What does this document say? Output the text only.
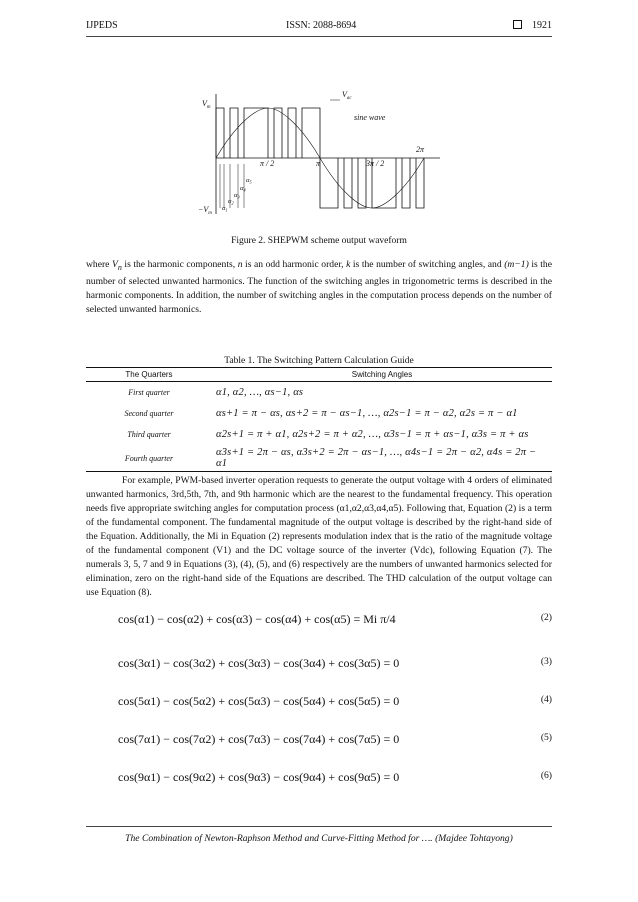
IJPEDS	ISSN: 2088-8694	1921
$V_m$
$-V_m$
$V_{ac}$
sine wave
2π
π / 2	π	3π / 2
$\alpha_5$
$\alpha_4$
$\alpha_3$
$\alpha_2$
$\alpha_1$
Figure 2. SHEPWM scheme output waveform

where $V_n$ is the harmonic components, n is an odd harmonic order, k is the number of switching angles, and (m−1) is the number of selected unwanted harmonics. The function of the switching angles in trigonometric terms is described in the harmonic components. In addition, the number of switching angles in the computation process depends on the number of selected unwanted harmonics.

Table 1. The Switching Pattern Calculation Guide
The Quarters	Switching Angles
First quarter	α1, α2, …, αs−1, αs
Second quarter	αs+1 = π − αs, αs+2 = π − αs−1, …, α2s−1 = π − α2, α2s = π − α1
Third quarter	α2s+1 = π + α1, α2s+2 = π + α2, …, α3s−1 = π + αs−1, α3s = π + αs
Fourth quarter	α3s+1 = 2π − αs, α3s+2 = 2π − αs−1, …, α4s−1 = 2π − α2, α4s = 2π − α1

For example, PWM-based inverter operation requests to generate the output voltage with 4 orders of eliminated unwanted harmonics, 3rd,5th, 7th, and 9th harmonic which are the nearest to the fundamental frequency. This operation needs five appropriate switching angles for computation process (α1,α2,α3,α4,α5). Following that, Equation (2) is a term of the fundamental component. The fundamental magnitude of the output voltage is described by the right-hand side of the Equation. Additionally, the Mi in Equation (2) represents modulation index that is the ratio of the magnitude voltage of the fundamental component (V1) and the DC voltage source of the inverter (Vdc), following Equation (7). The numerals 3, 5, 7 and 9 in Equations (3), (4), (5), and (6) respectively are the numbers of unwanted harmonics selected for elimination, zero on the right-hand side of the Equations are described. The THD calculation of the output voltage can use Equation (8).

cos(α1) − cos(α2) + cos(α3) − cos(α4) + cos(α5) = Mi π/4	(2)
cos(3α1) − cos(3α2) + cos(3α3) − cos(3α4) + cos(3α5) = 0	(3)
cos(5α1) − cos(5α2) + cos(5α3) − cos(5α4) + cos(5α5) = 0	(4)
cos(7α1) − cos(7α2) + cos(7α3) − cos(7α4) + cos(7α5) = 0	(5)
cos(9α1) − cos(9α2) + cos(9α3) − cos(9α4) + cos(9α5) = 0	(6)
The Combination of Newton-Raphson Method and Curve-Fitting Method for …. (Majdee Tohtayong)
